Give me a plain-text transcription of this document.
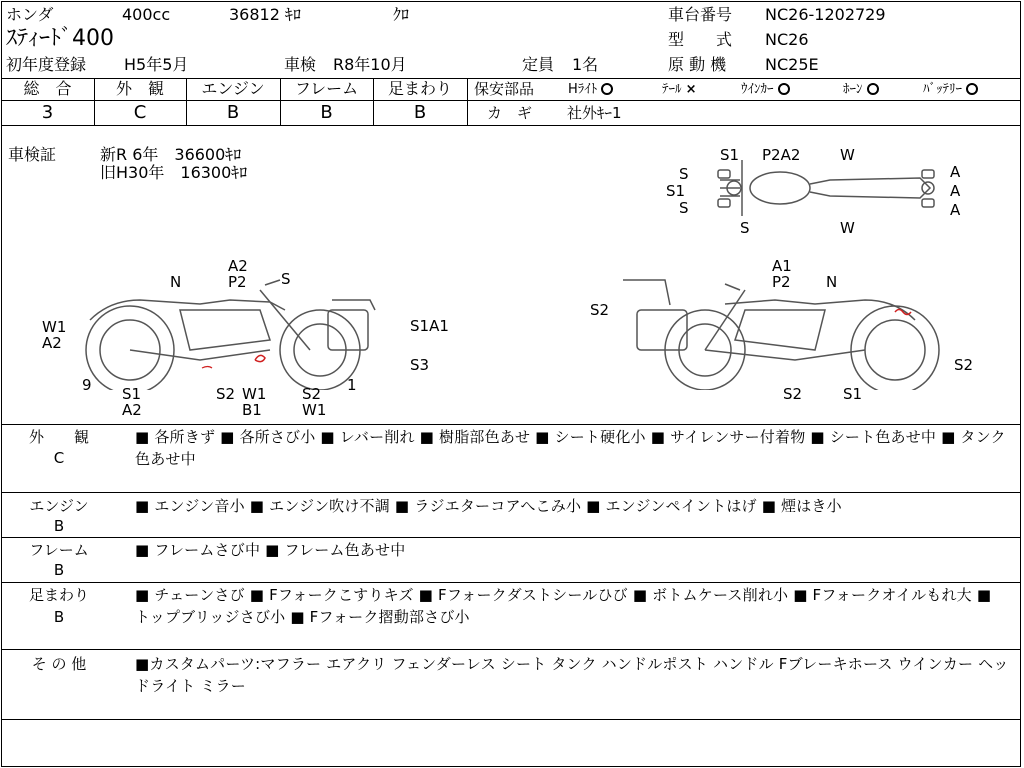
ホンダ	400cc	36812 ｷﾛ	ｸﾛ
ｽﾃｨｰﾄﾞ400
初年度登録 H5年5月	車検 R8年10月	定員 1名
車台番号 NC26-1202729
型　　式 NC26
原 動 機 NC25E
総　合	外　観	エンジン	フレーム	足まわり
3	C	B	B	B
保安部品	Hﾗｲﾄ	ﾃｰﾙ ×	ｳｲﾝｶｰ	ﾎｰﾝ	ﾊﾞｯﾃﾘｰ
カ　ギ 社外ｷｰ1
車検証	新R 6年　36600ｷﾛ
旧H30年　16300ｷﾛ
S1 P2A2	W
S
S1
S
S	W
A
A
A
A2
P2 S
N
W1
A2
S1A1
S3
9	1
S1
A2
S2 W1
B1
S2
W1
A1
P2 N
S2
S2
S2	S1
外　　観
C
■ 各所きず ■ 各所さび小 ■ レバー削れ ■ 樹脂部色あせ ■ シート硬化小 ■ サイレンサー付着物 ■ シート色あせ中 ■ タンク色あせ中
エンジン
B
■ エンジン音小 ■ エンジン吹け不調 ■ ラジエターコアへこみ小 ■ エンジンペイントはげ ■ 煙はき小
フレーム
B
■ フレームさび中 ■ フレーム色あせ中
足まわり
B
■ チェーンさび ■ Fフォークこすりキズ ■ Fフォークダストシールひび ■ ボトムケース削れ小 ■ Fフォークオイルもれ大 ■ トップブリッジさび小 ■ Fフォーク摺動部さび小
そ の 他	■カスタムパーツ:マフラー エアクリ フェンダーレス シート タンク ハンドルポスト ハンドル Fブレーキホース ウインカー ヘッドライト ミラー
